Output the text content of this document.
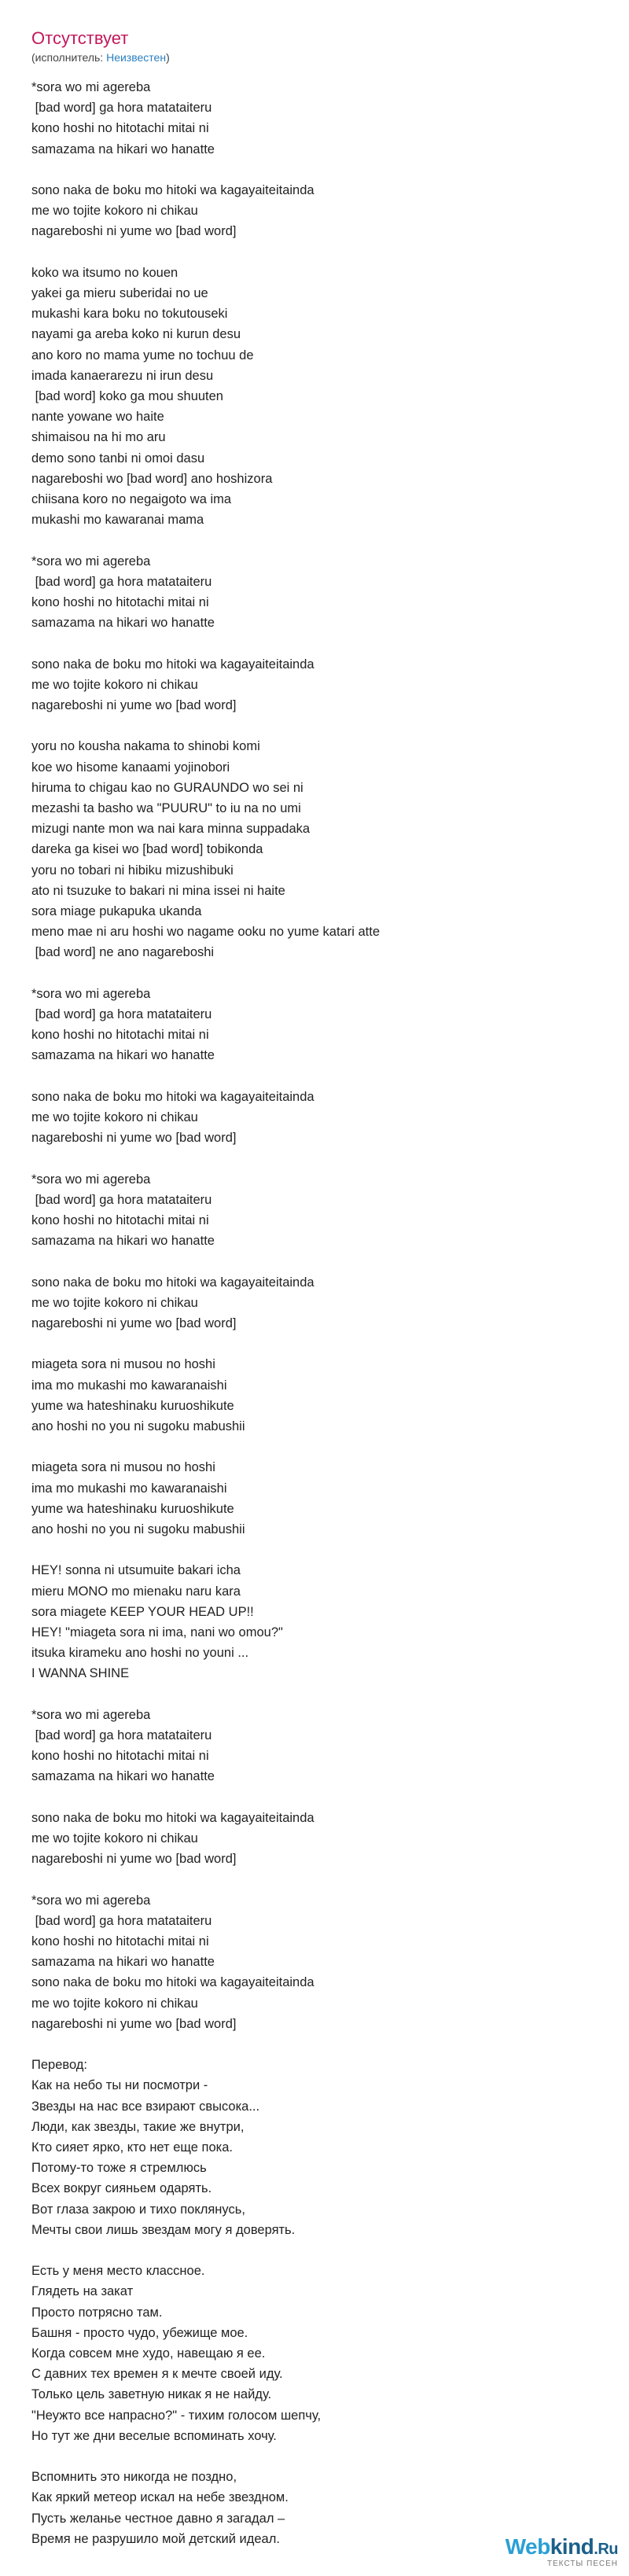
Отсутствует
(исполнитель: Неизвестен)
*sora wo mi agereba
[bad word] ga hora matataiteru
kono hoshi no hitotachi mitai ni
samazama na hikari wo hanatte
sono naka de boku mo hitoki wa kagayaiteitainda
me wo tojite kokoro ni chikau
nagareboshi ni yume wo [bad word]
koko wa itsumo no kouen
yakei ga mieru suberidai no ue
mukashi kara boku no tokutouseki
nayami ga areba koko ni kurun desu
ano koro no mama yume no tochuu de
imada kanaerarezu ni irun desu
[bad word] koko ga mou shuuten
nante yowane wo haite
shimaisou na hi mo aru
demo sono tanbi ni omoi dasu
nagareboshi wo [bad word] ano hoshizora
chiisana koro no negaigoto wa ima
mukashi mo kawaranai mama
*sora wo mi agereba
[bad word] ga hora matataiteru
kono hoshi no hitotachi mitai ni
samazama na hikari wo hanatte
sono naka de boku mo hitoki wa kagayaiteitainda
me wo tojite kokoro ni chikau
nagareboshi ni yume wo [bad word]
yoru no kousha nakama to shinobi komi
koe wo hisome kanaami yojinobori
hiruma to chigau kao no GURAUNDO wo sei ni
mezashi ta basho wa "PUURU" to iu na no umi
mizugi nante mon wa nai kara minna suppadaka
dareka ga kisei wo [bad word] tobikonda
yoru no tobari ni hibiku mizushibuki
ato ni tsuzuke to bakari ni mina issei ni haite
sora miage pukapuka ukanda
meno mae ni aru hoshi wo nagame ooku no yume katari atte
[bad word] ne ano nagareboshi
*sora wo mi agereba
[bad word] ga hora matataiteru
kono hoshi no hitotachi mitai ni
samazama na hikari wo hanatte
sono naka de boku mo hitoki wa kagayaiteitainda
me wo tojite kokoro ni chikau
nagareboshi ni yume wo [bad word]
*sora wo mi agereba
[bad word] ga hora matataiteru
kono hoshi no hitotachi mitai ni
samazama na hikari wo hanatte
sono naka de boku mo hitoki wa kagayaiteitainda
me wo tojite kokoro ni chikau
nagareboshi ni yume wo [bad word]
miageta sora ni musou no hoshi
ima mo mukashi mo kawaranaishi
yume wa hateshinaku kuruoshikute
ano hoshi no you ni sugoku mabushii
miageta sora ni musou no hoshi
ima mo mukashi mo kawaranaishi
yume wa hateshinaku kuruoshikute
ano hoshi no you ni sugoku mabushii
HEY! sonna ni utsumuite bakari icha
mieru MONO mo mienaku naru kara
sora miagete KEEP YOUR HEAD UP!!
HEY! "miageta sora ni ima, nani wo omou?"
itsuka kirameku ano hoshi no youni ...
I WANNA SHINE
*sora wo mi agereba
[bad word] ga hora matataiteru
kono hoshi no hitotachi mitai ni
samazama na hikari wo hanatte
sono naka de boku mo hitoki wa kagayaiteitainda
me wo tojite kokoro ni chikau
nagareboshi ni yume wo [bad word]
*sora wo mi agereba
[bad word] ga hora matataiteru
kono hoshi no hitotachi mitai ni
samazama na hikari wo hanatte
sono naka de boku mo hitoki wa kagayaiteitainda
me wo tojite kokoro ni chikau
nagareboshi ni yume wo [bad word]
Перевод:
Как на небо ты ни посмотри -
Звезды на нас все взирают свысока...
Люди, как звезды, такие же внутри,
Кто сияет ярко, кто нет еще пока.
Потому-то тоже я стремлюсь
Всех вокруг сияньем одарять.
Вот глаза закрою и тихо поклянусь,
Мечты свои лишь звездам могу я доверять.
Есть у меня место классное.
Глядеть на закат
Просто потрясно там.
Башня - просто чудо, убежище мое.
Когда совсем мне худо, навещаю я ее.
С давних тех времен я к мечте своей иду.
Только цель заветную никак я не найду.
"Неужто все напрасно?" - тихим голосом шепчу,
Но тут же дни веселые вспоминать хочу.
Вспомнить это никогда не поздно,
Как яркий метеор искал на небе звездном.
Пусть желанье честное давно я загадал –
Время не разрушило мой детский идеал.	Webkind.Ru
ТЕКСТЫ ПЕСЕН
